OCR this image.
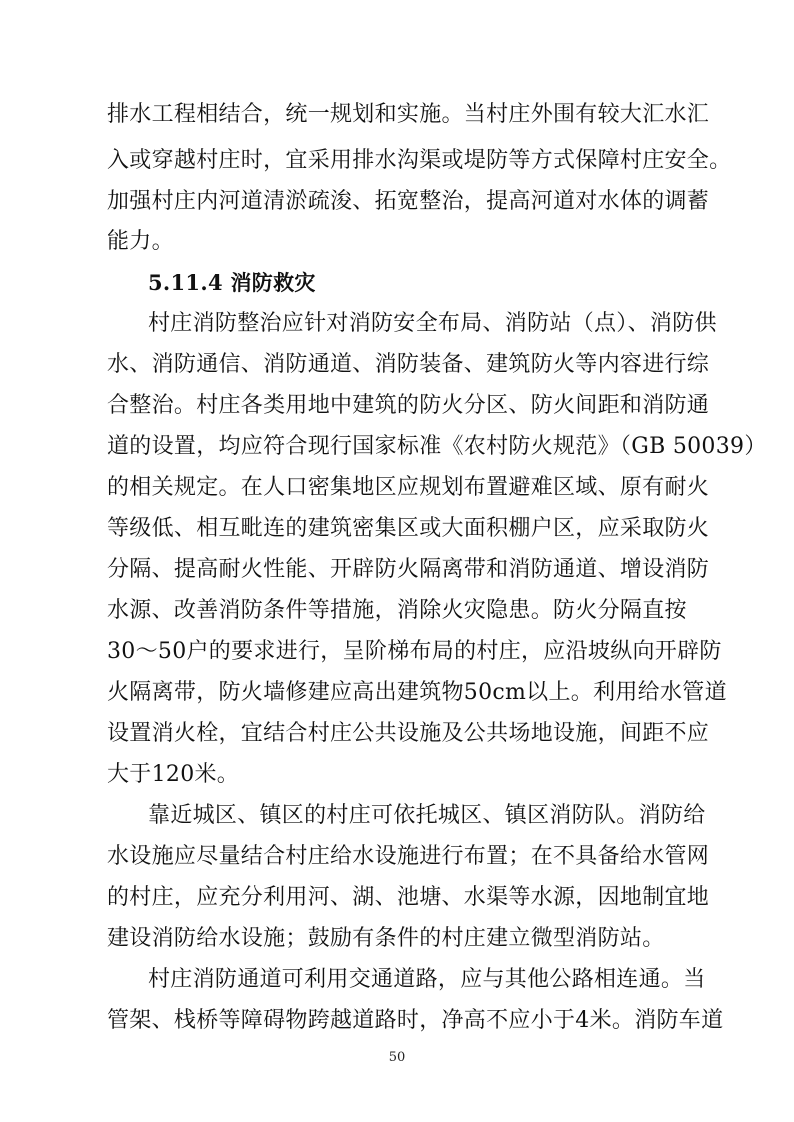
排水工程相结合，统一规划和实施。当村庄外围有较大汇水汇
入或穿越村庄时，宜采用排水沟渠或堤防等方式保障村庄安全。
加强村庄内河道清淤疏浚、拓宽整治，提高河道对水体的调蓄
能力。
5.11.4 消防救灾
村庄消防整治应针对消防安全布局、消防站（点）、消防供
水、消防通信、消防通道、消防装备、建筑防火等内容进行综
合整治。村庄各类用地中建筑的防火分区、防火间距和消防通
道的设置，均应符合现行国家标准《农村防火规范》（GB 50039）
的相关规定。在人口密集地区应规划布置避难区域、原有耐火
等级低、相互毗连的建筑密集区或大面积棚户区，应采取防火
分隔、提高耐火性能、开辟防火隔离带和消防通道、增设消防
水源、改善消防条件等措施，消除火灾隐患。防火分隔直按
30～50户的要求进行，呈阶梯布局的村庄，应沿坡纵向开辟防
火隔离带，防火墙修建应高出建筑物50cm以上。利用给水管道
设置消火栓，宜结合村庄公共设施及公共场地设施，间距不应
大于120米。
靠近城区、镇区的村庄可依托城区、镇区消防队。消防给
水设施应尽量结合村庄给水设施进行布置；在不具备给水管网
的村庄，应充分利用河、湖、池塘、水渠等水源，因地制宜地
建设消防给水设施；鼓励有条件的村庄建立微型消防站。
村庄消防通道可利用交通道路，应与其他公路相连通。当
管架、栈桥等障碍物跨越道路时，净高不应小于4米。消防车道
50
